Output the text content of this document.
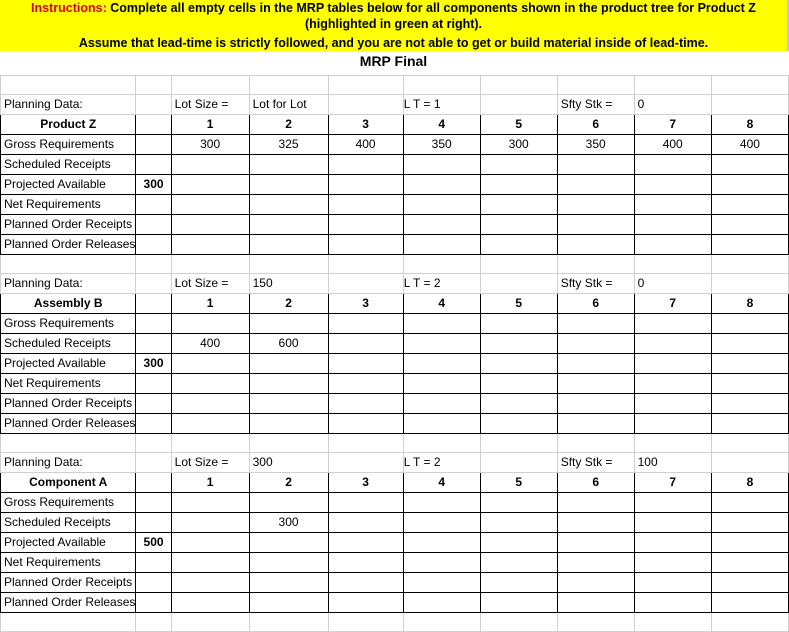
Instructions: Complete all empty cells in the MRP tables below for all components shown in the product tree for Product Z
(highlighted in green at right).
Assume that lead-time is strictly followed, and you are not able to get or build material inside of lead-time.
MRP Final

Planning Data:		Lot Size =	Lot for Lot		L T = 1		Sfty Stk =	0	
Product Z		1	2	3	4	5	6	7	8
Gross Requirements		300	325	400	350	300	350	400	400
Scheduled Receipts									
Projected Available	300								
Net Requirements									
Planned Order Receipts									
Planned Order Releases									

Planning Data:		Lot Size =	150		L T = 2		Sfty Stk =	0	
Assembly B		1	2	3	4	5	6	7	8
Gross Requirements									
Scheduled Receipts		400	600						
Projected Available	300								
Net Requirements									
Planned Order Receipts									
Planned Order Releases									

Planning Data:		Lot Size =	300		L T = 2		Sfty Stk =	100	
Component A		1	2	3	4	5	6	7	8
Gross Requirements									
Scheduled Receipts			300						
Projected Available	500								
Net Requirements									
Planned Order Receipts									
Planned Order Releases									
